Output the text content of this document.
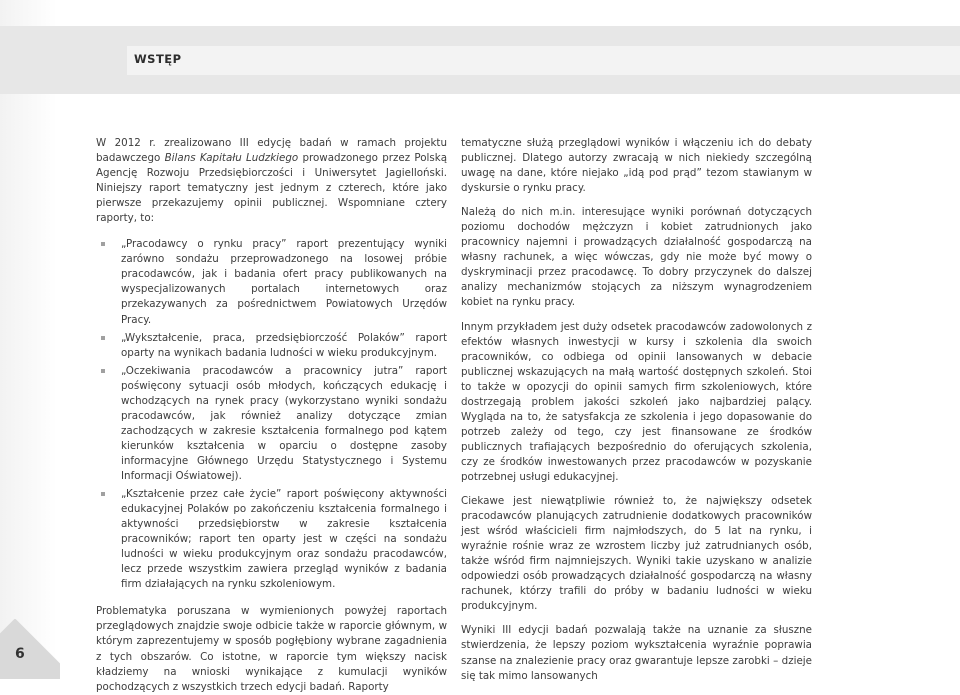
WSTĘP

W 2012 r. zrealizowano III edycję badań w ramach projektu badawczego Bilans Kapitału Ludzkiego prowadzonego przez Polską Agencję Rozwoju Przedsiębiorczości i Uniwersytet Jagielloński. Niniejszy raport tematyczny jest jednym z czterech, które jako pierwsze przekazujemy opinii publicznej. Wspomniane cztery raporty, to:

„Pracodawcy o rynku pracy” raport prezentujący wyniki zarówno sondażu przeprowadzonego na losowej próbie pracodawców, jak i badania ofert pracy publikowanych na wyspecjalizowanych portalach internetowych oraz przekazywanych za pośrednictwem Powiatowych Urzędów Pracy.
„Wykształcenie, praca, przedsiębiorczość Polaków” raport oparty na wynikach badania ludności w wieku produkcyjnym.
„Oczekiwania pracodawców a pracownicy jutra” raport poświęcony sytuacji osób młodych, kończących edukację i wchodzących na rynek pracy (wykorzystano wyniki sondażu pracodawców, jak również analizy dotyczące zmian zachodzących w zakresie kształcenia formalnego pod kątem kierunków kształcenia w oparciu o dostępne zasoby informacyjne Głównego Urzędu Statystycznego i Systemu Informacji Oświatowej).
„Kształcenie przez całe życie” raport poświęcony aktywności edukacyjnej Polaków po zakończeniu kształcenia formalnego i aktywności przedsiębiorstw w zakresie kształcenia pracowników; raport ten oparty jest w części na sondażu ludności w wieku produkcyjnym oraz sondażu pracodawców, lecz przede wszystkim zawiera przegląd wyników z badania firm działających na rynku szkoleniowym.

Problematyka poruszana w wymienionych powyżej raportach przeglądowych znajdzie swoje odbicie także w raporcie głównym, w którym zaprezentujemy w sposób pogłębiony wybrane zagadnienia z tych obszarów. Co istotne, w raporcie tym większy nacisk kładziemy na wnioski wynikające z kumulacji wyników pochodzących z wszystkich trzech edycji badań. Raporty

tematyczne służą przeglądowi wyników i włączeniu ich do debaty publicznej. Dlatego autorzy zwracają w nich niekiedy szczególną uwagę na dane, które niejako „idą pod prąd” tezom stawianym w dyskursie o rynku pracy.

Należą do nich m.in. interesujące wyniki porównań dotyczących poziomu dochodów mężczyzn i kobiet zatrudnionych jako pracownicy najemni i prowadzących działalność gospodarczą na własny rachunek, a więc wówczas, gdy nie może być mowy o dyskryminacji przez pracodawcę. To dobry przyczynek do dalszej analizy mechanizmów stojących za niższym wynagrodzeniem kobiet na rynku pracy.

Innym przykładem jest duży odsetek pracodawców zadowolonych z efektów własnych inwestycji w kursy i szkolenia dla swoich pracowników, co odbiega od opinii lansowanych w debacie publicznej wskazujących na małą wartość dostępnych szkoleń. Stoi to także w opozycji do opinii samych firm szkoleniowych, które dostrzegają problem jakości szkoleń jako najbardziej palący. Wygląda na to, że satysfakcja ze szkolenia i jego dopasowanie do potrzeb zależy od tego, czy jest finansowane ze środków publicznych trafiających bezpośrednio do oferujących szkolenia, czy ze środków inwestowanych przez pracodawców w pozyskanie potrzebnej usługi edukacyjnej.

Ciekawe jest niewątpliwie również to, że największy odsetek pracodawców planujących zatrudnienie dodatkowych pracowników jest wśród właścicieli firm najmłodszych, do 5 lat na rynku, i wyraźnie rośnie wraz ze wzrostem liczby już zatrudnianych osób, także wśród firm najmniejszych. Wyniki takie uzyskano w analizie odpowiedzi osób prowadzących działalność gospodarczą na własny rachunek, którzy trafili do próby w badaniu ludności w wieku produkcyjnym.

Wyniki III edycji badań pozwalają także na uznanie za słuszne stwierdzenia, że lepszy poziom wykształcenia wyraźnie poprawia szanse na znalezienie pracy oraz gwarantuje lepsze zarobki – dzieje się tak mimo lansowanych

6
